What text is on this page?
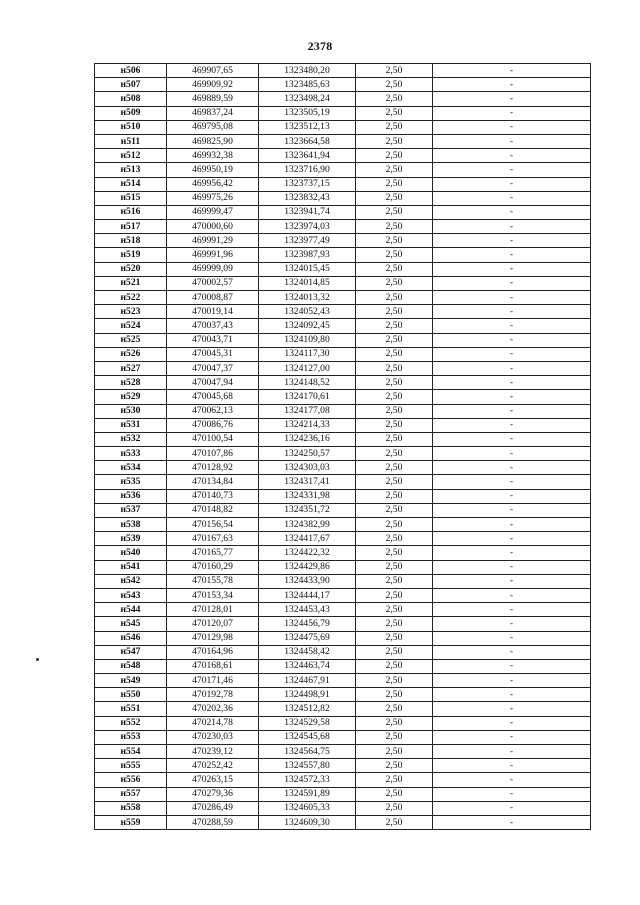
2378
н506	469907,65	1323480,20	2,50	-
н507	469909,92	1323485,63	2,50	-
н508	469889,59	1323498,24	2,50	-
н509	469837,24	1323505,19	2,50	-
н510	469795,08	1323512,13	2,50	-
н511	469825,90	1323664,58	2,50	-
н512	469932,38	1323641,94	2,50	-
н513	469950,19	1323716,90	2,50	-
н514	469956,42	1323737,15	2,50	-
н515	469975,26	1323832,43	2,50	-
н516	469999,47	1323941,74	2,50	-
н517	470000,60	1323974,03	2,50	-
н518	469991,29	1323977,49	2,50	-
н519	469991,96	1323987,93	2,50	-
н520	469999,09	1324015,45	2,50	-
н521	470002,57	1324014,85	2,50	-
н522	470008,87	1324013,32	2,50	-
н523	470019,14	1324052,43	2,50	-
н524	470037,43	1324092,45	2,50	-
н525	470043,71	1324109,80	2,50	-
н526	470045,31	1324117,30	2,50	-
н527	470047,37	1324127,00	2,50	-
н528	470047,94	1324148,52	2,50	-
н529	470045,68	1324170,61	2,50	-
н530	470062,13	1324177,08	2,50	-
н531	470086,76	1324214,33	2,50	-
н532	470100,54	1324236,16	2,50	-
н533	470107,86	1324250,57	2,50	-
н534	470128,92	1324303,03	2,50	-
н535	470134,84	1324317,41	2,50	-
н536	470140,73	1324331,98	2,50	-
н537	470148,82	1324351,72	2,50	-
н538	470156,54	1324382,99	2,50	-
н539	470167,63	1324417,67	2,50	-
н540	470165,77	1324422,32	2,50	-
н541	470160,29	1324429,86	2,50	-
н542	470155,78	1324433,90	2,50	-
н543	470153,34	1324444,17	2,50	-
н544	470128,01	1324453,43	2,50	-
н545	470120,07	1324456,79	2,50	-
н546	470129,98	1324475,69	2,50	-
н547	470164,96	1324458,42	2,50	-
н548	470168,61	1324463,74	2,50	-
н549	470171,46	1324467,91	2,50	-
н550	470192,78	1324498,91	2,50	-
н551	470202,36	1324512,82	2,50	-
н552	470214,78	1324529,58	2,50	-
н553	470230,03	1324545,68	2,50	-
н554	470239,12	1324564,75	2,50	-
н555	470252,42	1324557,80	2,50	-
н556	470263,15	1324572,33	2,50	-
н557	470279,36	1324591,89	2,50	-
н558	470286,49	1324605,33	2,50	-
н559	470288,59	1324609,30	2,50	-
